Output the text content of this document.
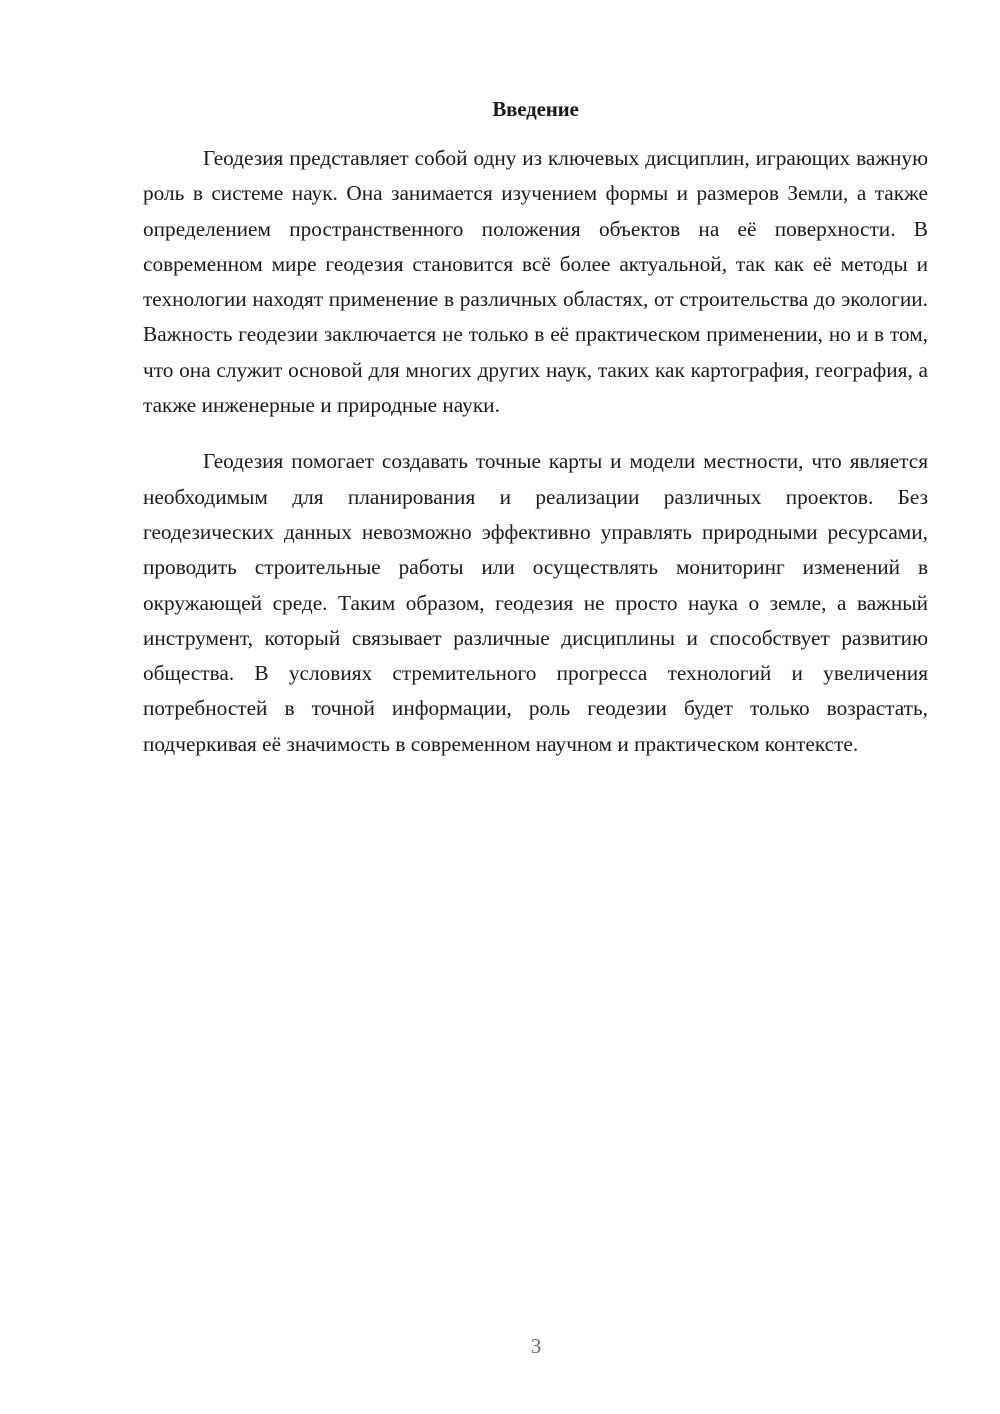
Введение

Геодезия представляет собой одну из ключевых дисциплин, играющих важную роль в системе наук. Она занимается изучением формы и размеров Земли, а также определением пространственного положения объектов на её поверхности. В современном мире геодезия становится всё более актуальной, так как её методы и технологии находят применение в различных областях, от строительства до экологии. Важность геодезии заключается не только в её практическом применении, но и в том, что она служит основой для многих других наук, таких как картография, география, а также инженерные и природные науки.

Геодезия помогает создавать точные карты и модели местности, что является необходимым для планирования и реализации различных проектов. Без геодезических данных невозможно эффективно управлять природными ресурсами, проводить строительные работы или осуществлять мониторинг изменений в окружающей среде. Таким образом, геодезия не просто наука о земле, а важный инструмент, который связывает различные дисциплины и способствует развитию общества. В условиях стремительного прогресса технологий и увеличения потребностей в точной информации, роль геодезии будет только возрастать, подчеркивая её значимость в современном научном и практическом контексте.

3
